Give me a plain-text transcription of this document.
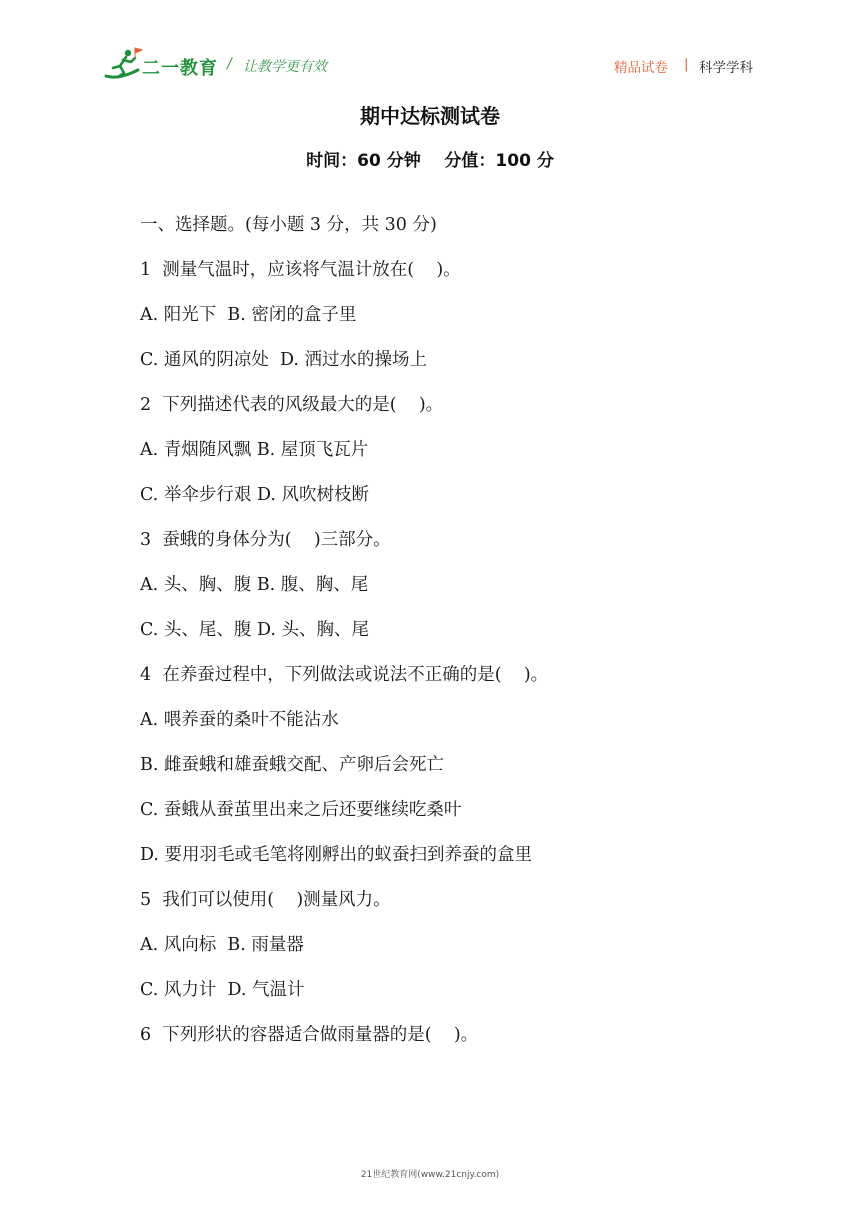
二一教育 / 让教学更有效	精品试卷 | 科学学科
期中达标测试卷
时间：60 分钟    分值：100 分
一、选择题。(每小题 3 分，共 30 分)
1  测量气温时，应该将气温计放在(    )。
A. 阳光下  B. 密闭的盒子里
C. 通风的阴凉处  D. 洒过水的操场上
2  下列描述代表的风级最大的是(    )。
A. 青烟随风飘 B. 屋顶飞瓦片
C. 举伞步行艰 D. 风吹树枝断
3  蚕蛾的身体分为(    )三部分。
A. 头、胸、腹 B. 腹、胸、尾
C. 头、尾、腹 D. 头、胸、尾
4  在养蚕过程中，下列做法或说法不正确的是(    )。
A. 喂养蚕的桑叶不能沾水
B. 雌蚕蛾和雄蚕蛾交配、产卵后会死亡
C. 蚕蛾从蚕茧里出来之后还要继续吃桑叶
D. 要用羽毛或毛笔将刚孵出的蚁蚕扫到养蚕的盒里
5  我们可以使用(    )测量风力。
A. 风向标  B. 雨量器
C. 风力计  D. 气温计
6  下列形状的容器适合做雨量器的是(    )。
21世纪教育网(www.21cnjy.com)
